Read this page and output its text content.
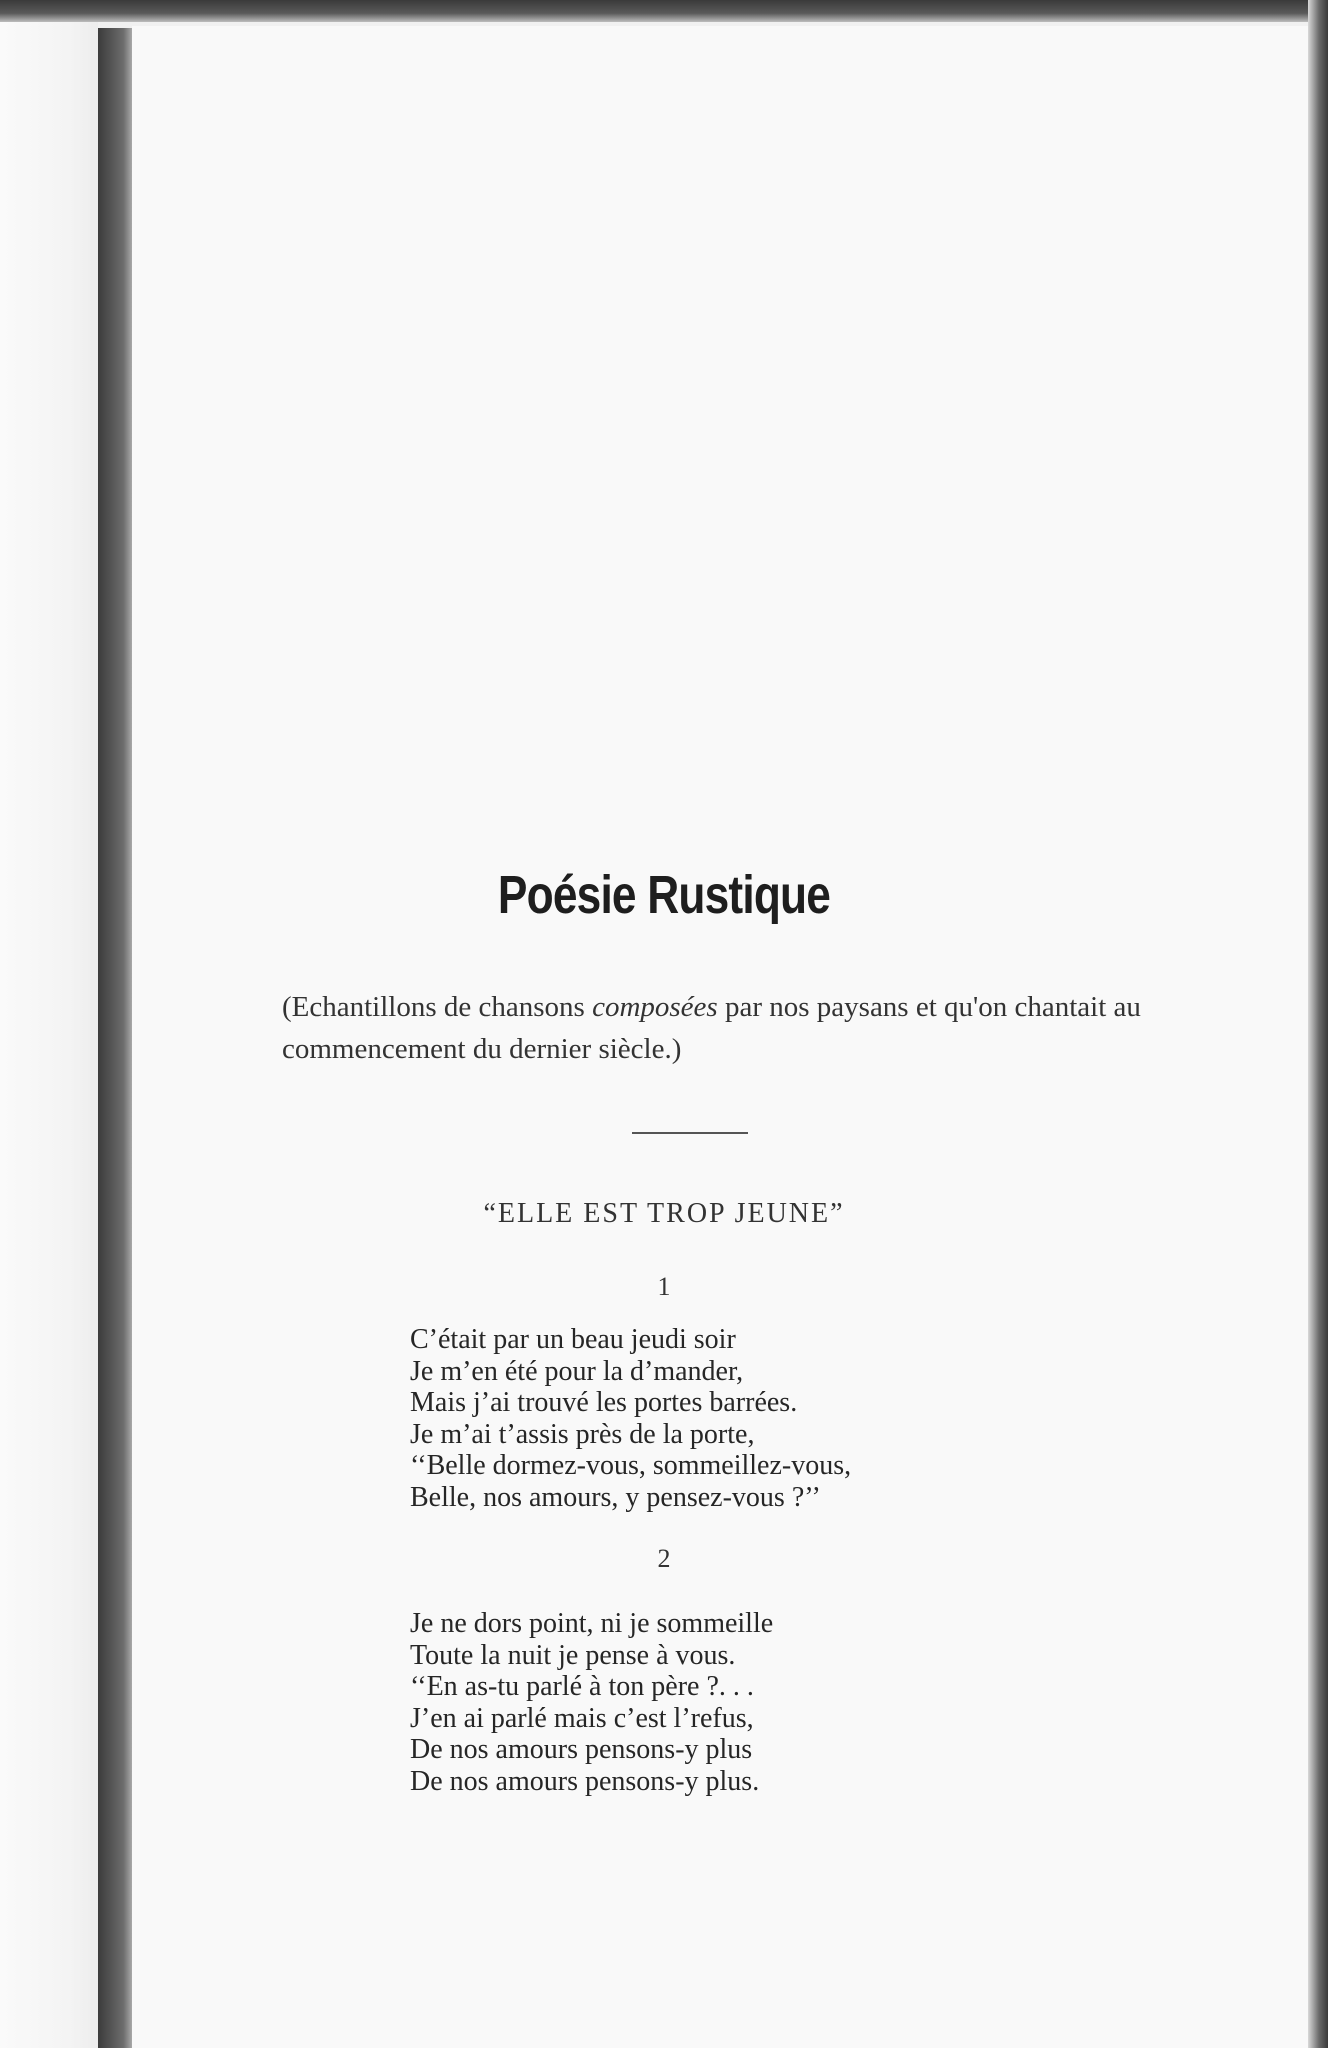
Poésie Rustique
(Echantillons de chansons composées par nos paysans et qu'on chantait au commencement du dernier siècle.)
“ELLE EST TROP JEUNE”
1
C’était par un beau jeudi soir
Je m’en été pour la d’mander,
Mais j’ai trouvé les portes barrées.
Je m’ai t’assis près de la porte,
‘‘Belle dormez-vous, sommeillez-vous,
Belle, nos amours, y pensez-vous ?’’
2
Je ne dors point, ni je sommeille
Toute la nuit je pense à vous.
‘‘En as-tu parlé à ton père ?. . .
J’en ai parlé mais c’est l’refus,
De nos amours pensons-y plus
De nos amours pensons-y plus.
